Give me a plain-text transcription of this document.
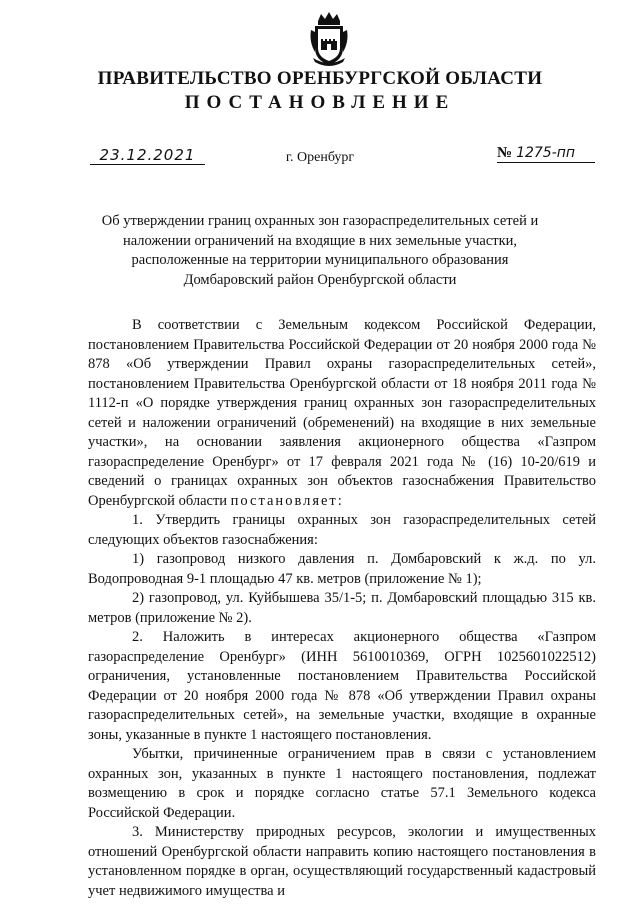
ПРАВИТЕЛЬСТВО ОРЕНБУРГСКОЙ ОБЛАСТИ
ПОСТАНОВЛЕНИЕ
23.12.2021	г. Оренбург	№ 1275-пп
Об утверждении границ охранных зон газораспределительных сетей и наложении ограничений на входящие в них земельные участки, расположенные на территории муниципального образования Домбаровский район Оренбургской области

В соответствии с Земельным кодексом Российской Федерации, постановлением Правительства Российской Федерации от 20 ноября 2000 года № 878 «Об утверждении Правил охраны газораспределительных сетей», постановлением Правительства Оренбургской области от 18 ноября 2011 года № 1112-п «О порядке утверждения границ охранных зон газораспределительных сетей и наложении ограничений (обременений) на входящие в них земельные участки», на основании заявления акционерного общества «Газпром газораспределение Оренбург» от 17 февраля 2021 года № (16) 10-20/619 и сведений о границах охранных зон объектов газоснабжения Правительство Оренбургской области постановляет:

1. Утвердить границы охранных зон газораспределительных сетей следующих объектов газоснабжения:

1) газопровод низкого давления п. Домбаровский к ж.д. по ул. Водопроводная 9-1 площадью 47 кв. метров (приложение № 1);

2) газопровод, ул. Куйбышева 35/1-5; п. Домбаровский площадью 315 кв. метров (приложение № 2).

2. Наложить в интересах акционерного общества «Газпром газораспределение Оренбург» (ИНН 5610010369, ОГРН 1025601022512) ограничения, установленные постановлением Правительства Российской Федерации от 20 ноября 2000 года № 878 «Об утверждении Правил охраны газораспределительных сетей», на земельные участки, входящие в охранные зоны, указанные в пункте 1 настоящего постановления.

Убытки, причиненные ограничением прав в связи с установлением охранных зон, указанных в пункте 1 настоящего постановления, подлежат возмещению в срок и порядке согласно статье 57.1 Земельного кодекса Российской Федерации.

3. Министерству природных ресурсов, экологии и имущественных отношений Оренбургской области направить копию настоящего постановления в установленном порядке в орган, осуществляющий государственный кадастровый учет недвижимого имущества и
